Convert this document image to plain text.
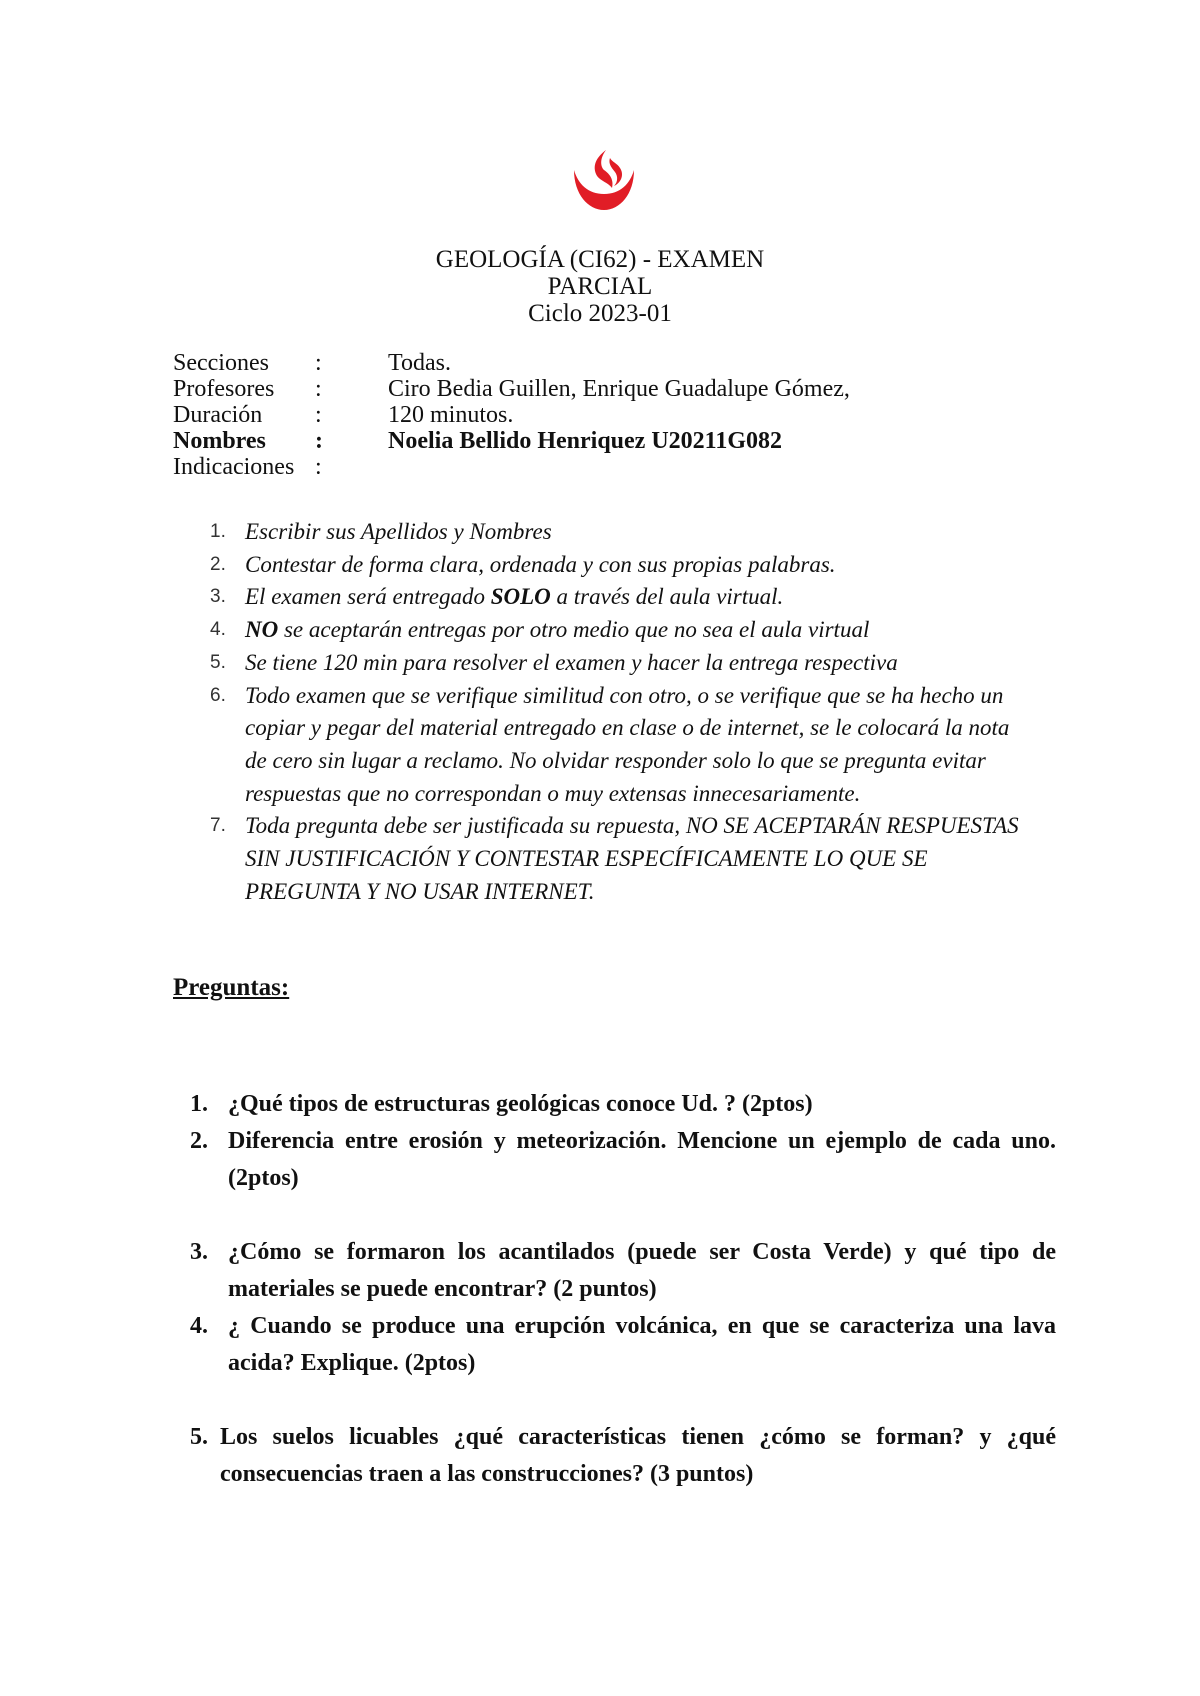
GEOLOGÍA (CI62) - EXAMEN
PARCIAL
Ciclo 2023-01
Secciones :	Todas.
Profesores :	Ciro Bedia Guillen, Enrique Guadalupe Gómez,
Duración :	120 minutos.
Nombres :	Noelia Bellido Henriquez U20211G082
Indicaciones :
1. Escribir sus Apellidos y Nombres
2. Contestar de forma clara, ordenada y con sus propias palabras.
3. El examen será entregado SOLO a través del aula virtual.
4. NO se aceptarán entregas por otro medio que no sea el aula virtual
5. Se tiene 120 min para resolver el examen y hacer la entrega respectiva
6. Todo examen que se verifique similitud con otro, o se verifique que se ha hecho un copiar y pegar del material entregado en clase o de internet, se le colocará la nota de cero sin lugar a reclamo. No olvidar responder solo lo que se pregunta evitar respuestas que no correspondan o muy extensas innecesariamente.
7. Toda pregunta debe ser justificada su repuesta, NO SE ACEPTARÁN RESPUESTAS SIN JUSTIFICACIÓN Y CONTESTAR ESPECÍFICAMENTE LO QUE SE PREGUNTA Y NO USAR INTERNET.
Preguntas:
1. ¿Qué tipos de estructuras geológicas conoce Ud. ? (2ptos)
2. Diferencia entre erosión y meteorización. Mencione un ejemplo de cada uno. (2ptos)
3. ¿Cómo se formaron los acantilados (puede ser Costa Verde) y qué tipo de materiales se puede encontrar? (2 puntos)
4. ¿ Cuando se produce una erupción volcánica, en que se caracteriza una lava acida? Explique. (2ptos)
5. Los suelos licuables ¿qué características tienen ¿cómo se forman? y ¿qué consecuencias traen a las construcciones? (3 puntos)
